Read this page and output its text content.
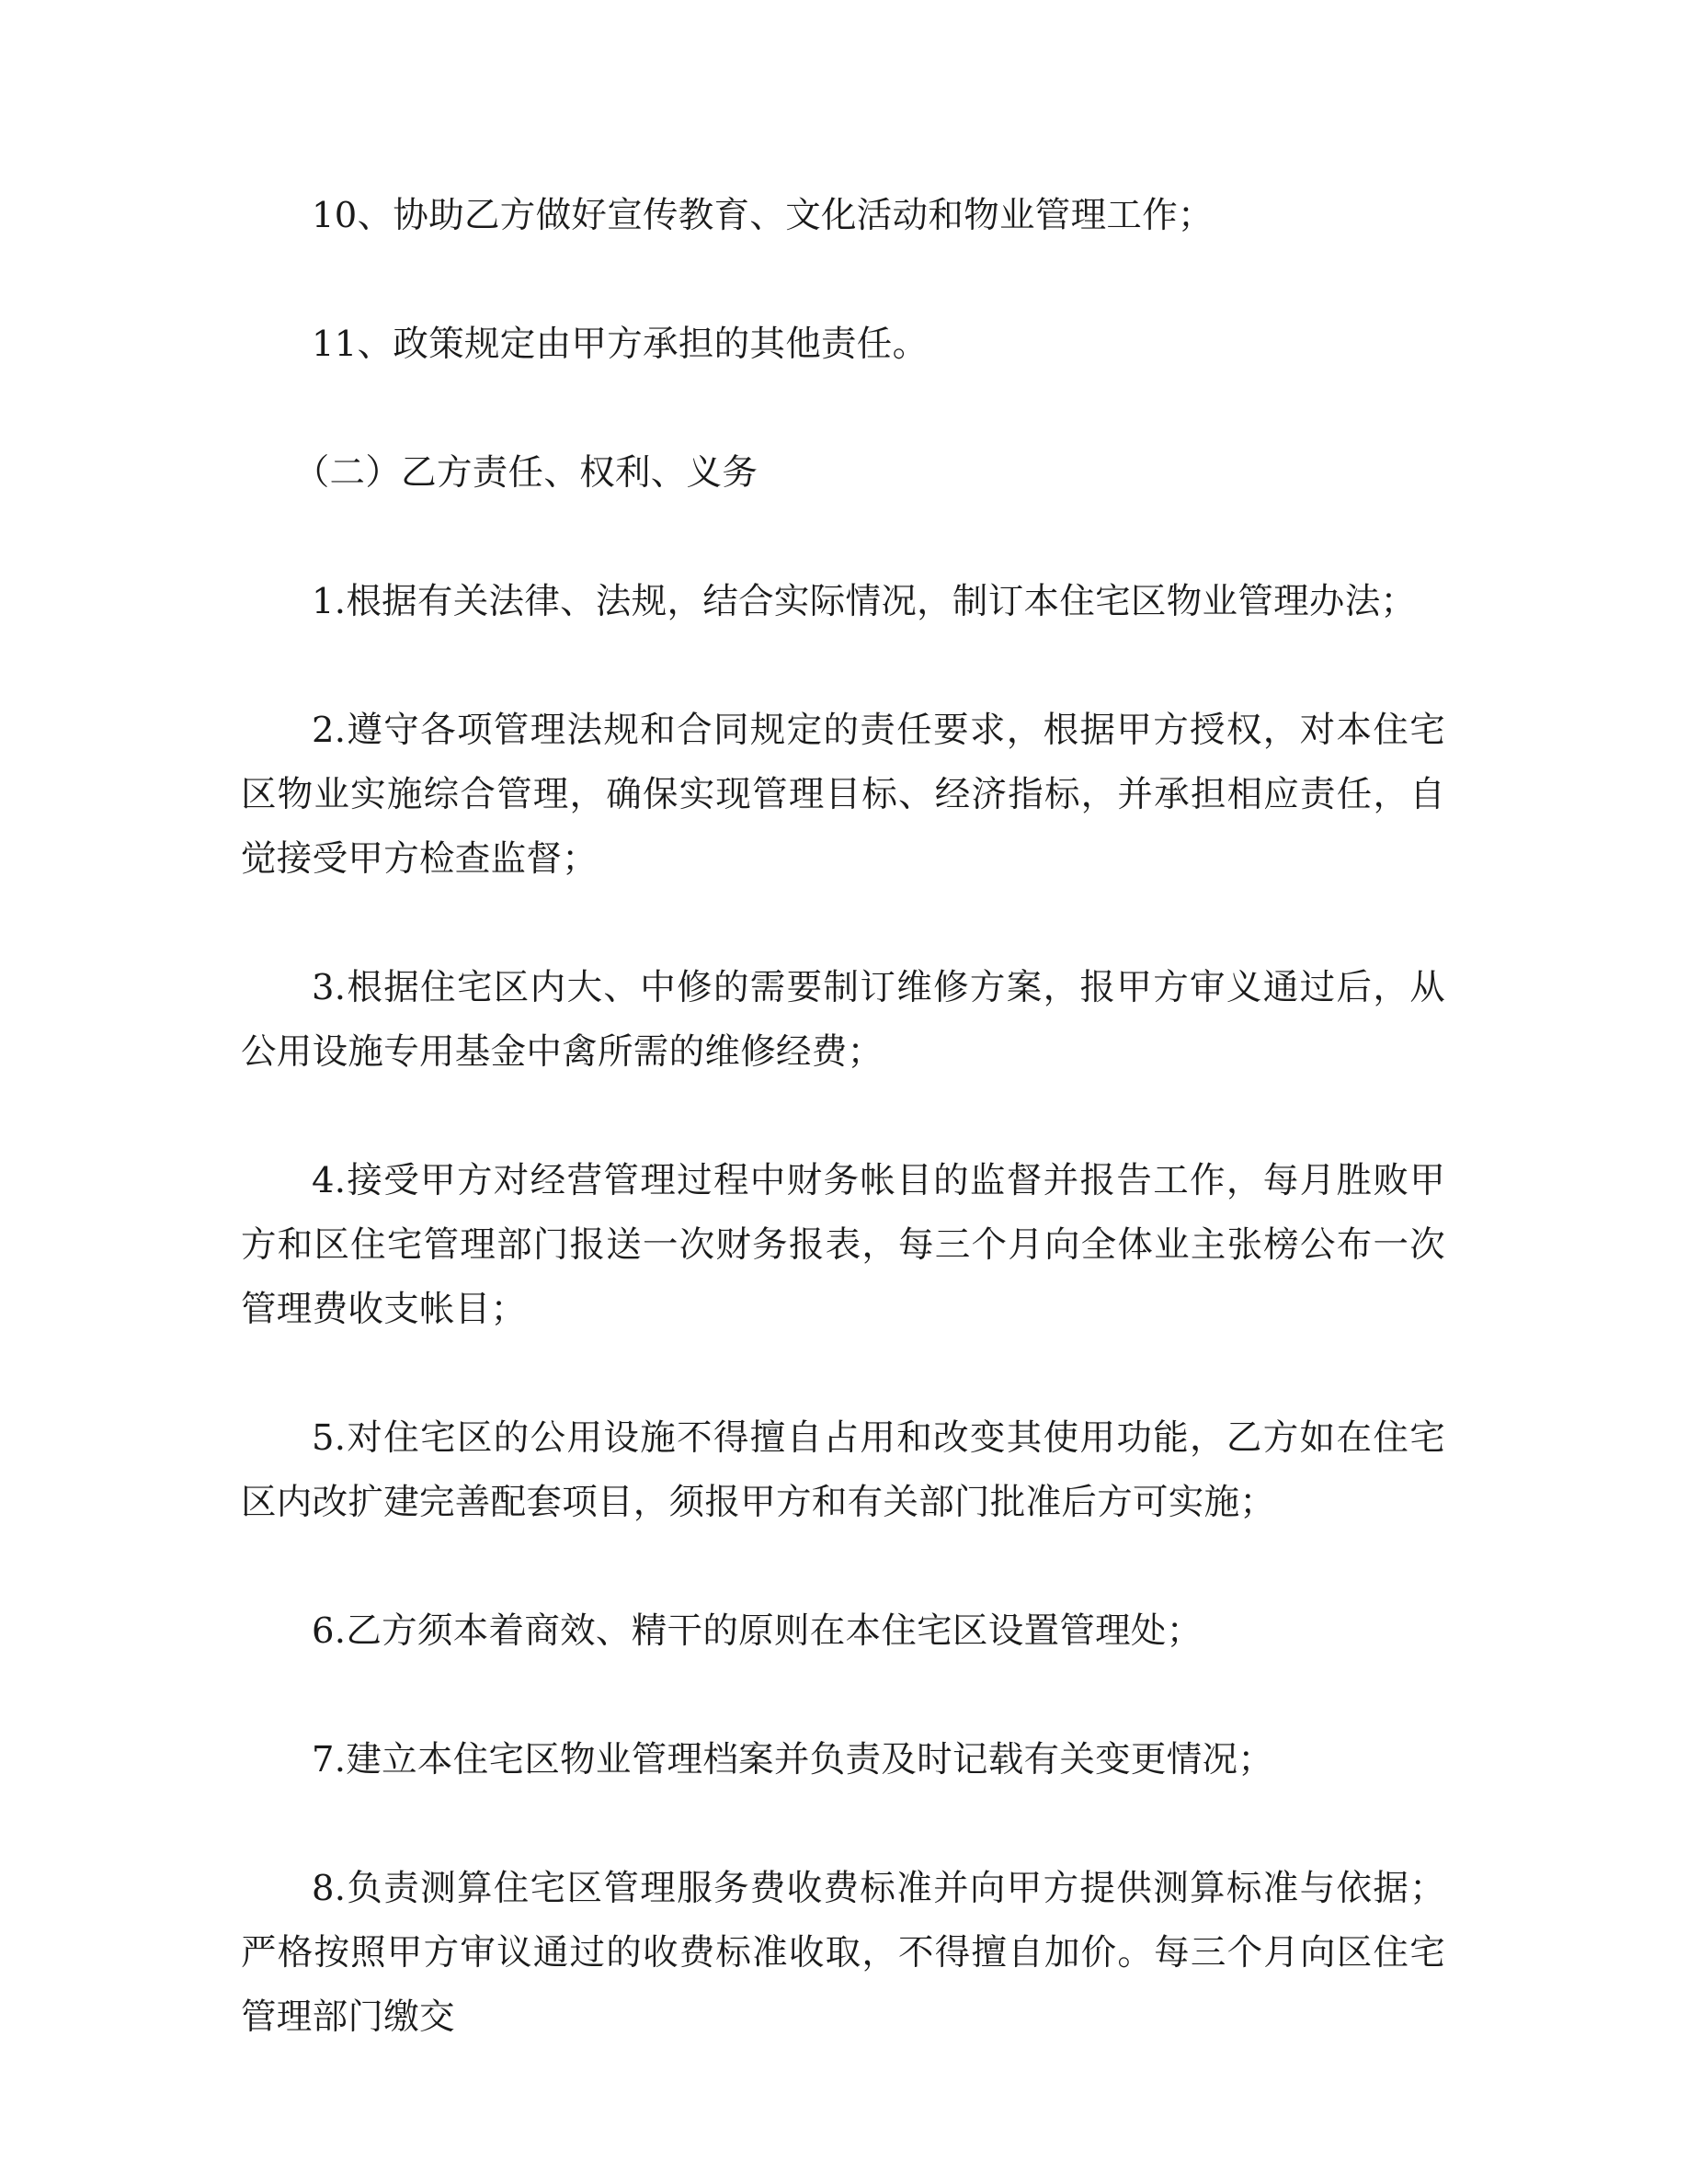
10、协助乙方做好宣传教育、文化活动和物业管理工作；

11、政策规定由甲方承担的其他责任。

（二）乙方责任、权利、义务

1.根据有关法律、法规，结合实际情况，制订本住宅区物业管理办法；

2.遵守各项管理法规和合同规定的责任要求，根据甲方授权，对本住宅区物业实施综合管理，确保实现管理目标、经济指标，并承担相应责任，自觉接受甲方检查监督；

3.根据住宅区内大、中修的需要制订维修方案，报甲方审义通过后，从公用设施专用基金中禽所需的维修经费；

4.接受甲方对经营管理过程中财务帐目的监督并报告工作，每月胜败甲方和区住宅管理部门报送一次财务报表，每三个月向全体业主张榜公布一次管理费收支帐目；

5.对住宅区的公用设施不得擅自占用和改变其使用功能，乙方如在住宅区内改扩建完善配套项目，须报甲方和有关部门批准后方可实施；

6.乙方须本着商效、精干的原则在本住宅区设置管理处；

7.建立本住宅区物业管理档案并负责及时记载有关变更情况；

8.负责测算住宅区管理服务费收费标准并向甲方提供测算标准与依据；严格按照甲方审议通过的收费标准收取，不得擅自加价。每三个月向区住宅管理部门缴交
